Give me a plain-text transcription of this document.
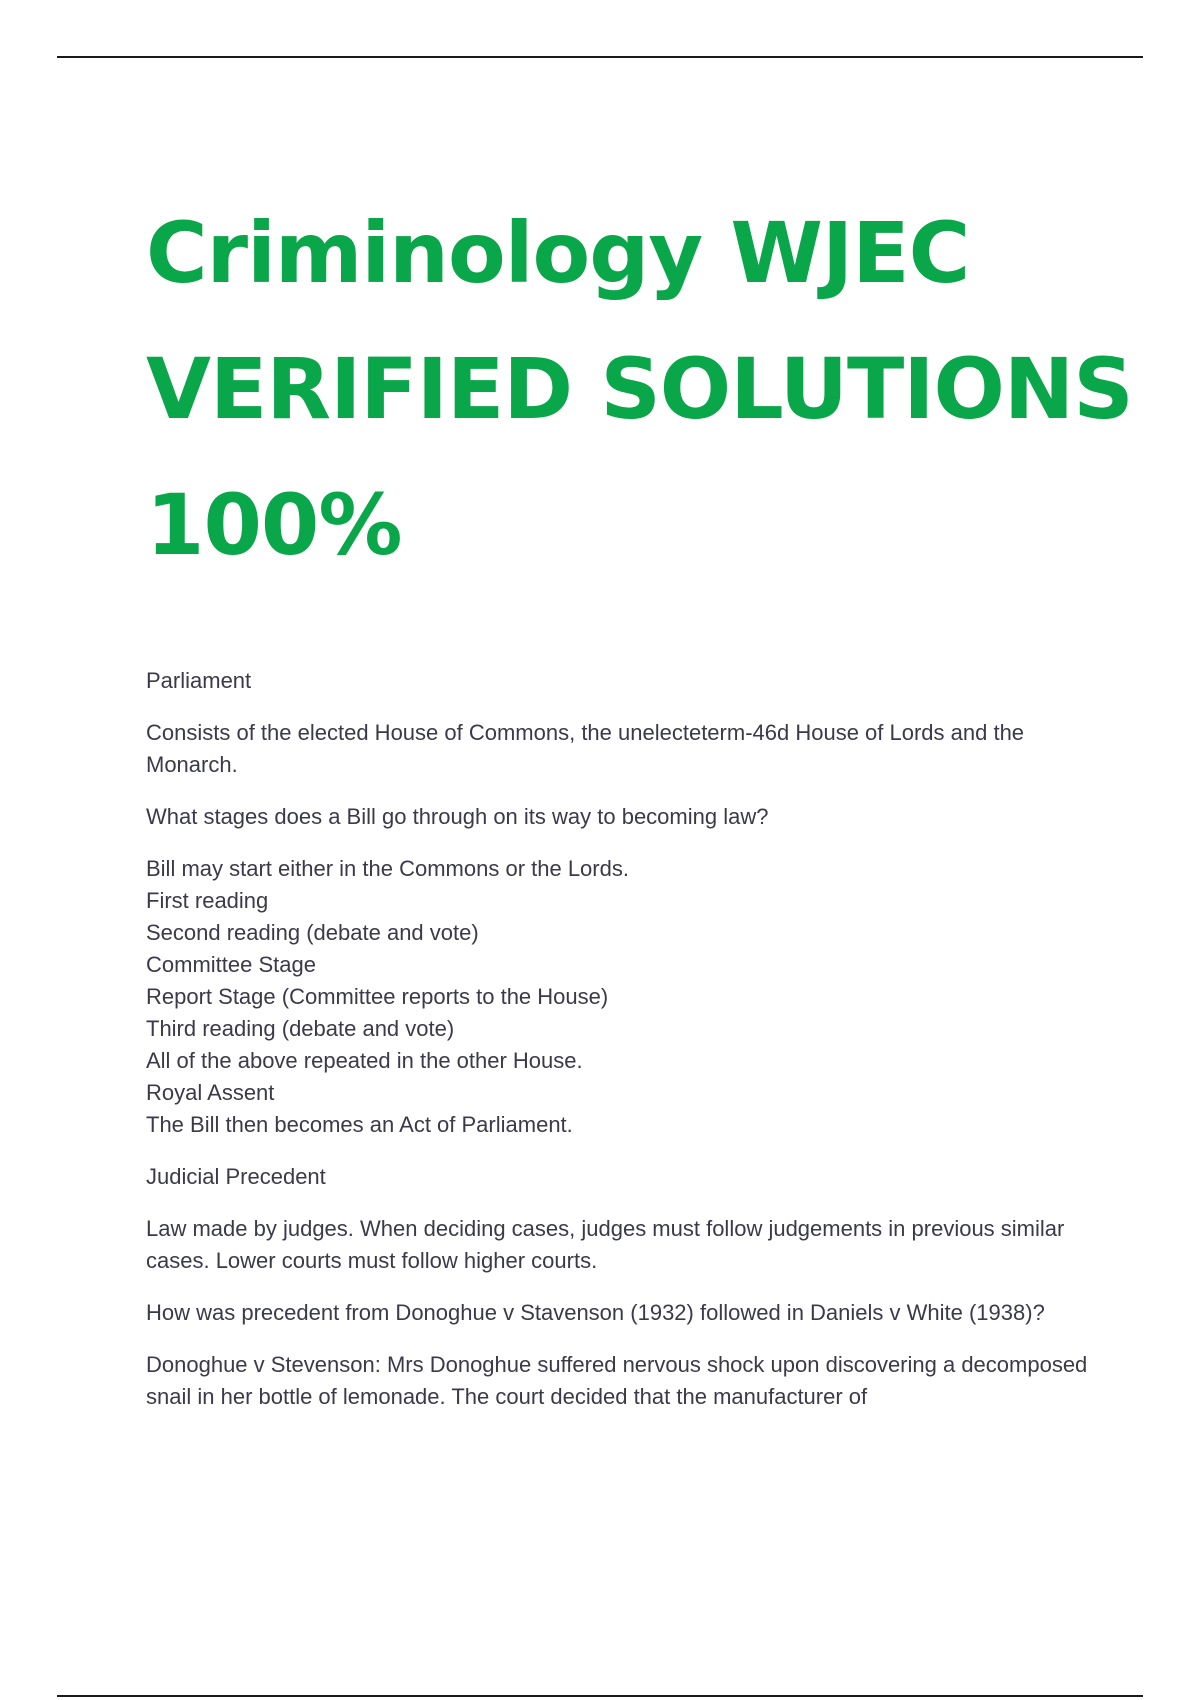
Criminology WJEC
VERIFIED SOLUTIONS
100%

Parliament

Consists of the elected House of Commons, the unelecteterm-46d House of Lords and the Monarch.

What stages does a Bill go through on its way to becoming law?

Bill may start either in the Commons or the Lords.
First reading
Second reading (debate and vote)
Committee Stage
Report Stage (Committee reports to the House)
Third reading (debate and vote)
All of the above repeated in the other House.
Royal Assent
The Bill then becomes an Act of Parliament.

Judicial Precedent

Law made by judges. When deciding cases, judges must follow judgements in previous similar cases. Lower courts must follow higher courts.

How was precedent from Donoghue v Stavenson (1932) followed in Daniels v White (1938)?

Donoghue v Stevenson: Mrs Donoghue suffered nervous shock upon discovering a decomposed snail in her bottle of lemonade. The court decided that the manufacturer of
